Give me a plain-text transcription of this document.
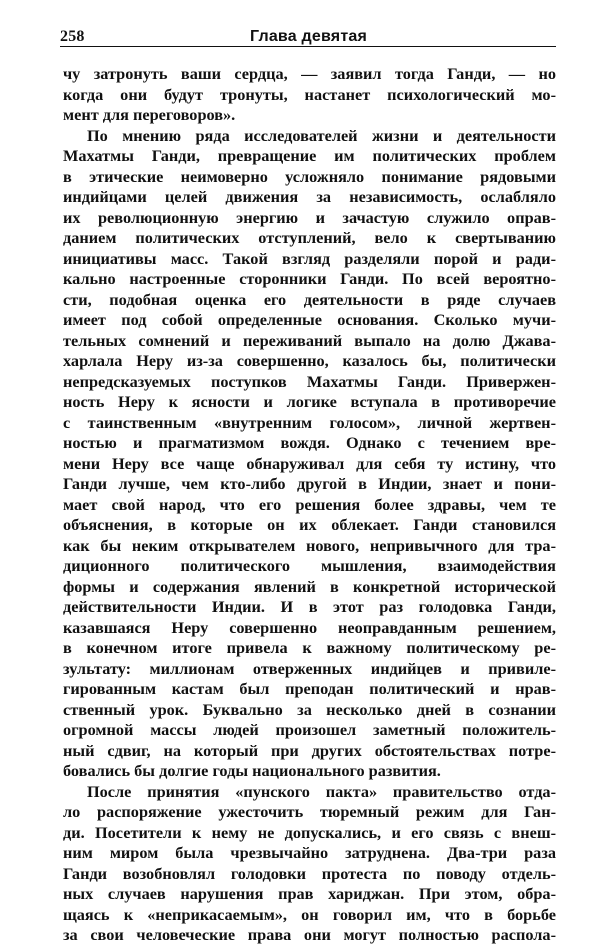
258	Глава девятая
чу затронуть ваши сердца, — заявил тогда Ганди, — но
когда они будут тронуты, настанет психологический мо-
мент для переговоров».
По мнению ряда исследователей жизни и деятельности
Махатмы Ганди, превращение им политических проблем
в этические неимоверно усложняло понимание рядовыми
индийцами целей движения за независимость, ослабляло
их революционную энергию и зачастую служило оправ-
данием политических отступлений, вело к свертыванию
инициативы масс. Такой взгляд разделяли порой и ради-
кально настроенные сторонники Ганди. По всей вероятно-
сти, подобная оценка его деятельности в ряде случаев
имеет под собой определенные основания. Сколько мучи-
тельных сомнений и переживаний выпало на долю Джава-
харлала Неру из-за совершенно, казалось бы, политически
непредсказуемых поступков Махатмы Ганди. Привержен-
ность Неру к ясности и логике вступала в противоречие
с таинственным «внутренним голосом», личной жертвен-
ностью и прагматизмом вождя. Однако с течением вре-
мени Неру все чаще обнаруживал для себя ту истину, что
Ганди лучше, чем кто-либо другой в Индии, знает и пони-
мает свой народ, что его решения более здравы, чем те
объяснения, в которые он их облекает. Ганди становился
как бы неким открывателем нового, непривычного для тра-
диционного политического мышления, взаимодействия
формы и содержания явлений в конкретной исторической
действительности Индии. И в этот раз голодовка Ганди,
казавшаяся Неру совершенно неоправданным решением,
в конечном итоге привела к важному политическому ре-
зультату: миллионам отверженных индийцев и привиле-
гированным кастам был преподан политический и нрав-
ственный урок. Буквально за несколько дней в сознании
огромной массы людей произошел заметный положитель-
ный сдвиг, на который при других обстоятельствах потре-
бовались бы долгие годы национального развития.
После принятия «пунского пакта» правительство отда-
ло распоряжение ужесточить тюремный режим для Ган-
ди. Посетители к нему не допускались, и его связь с внеш-
ним миром была чрезвычайно затруднена. Два-три раза
Ганди возобновлял голодовки протеста по поводу отдель-
ных случаев нарушения прав хариджан. При этом, обра-
щаясь к «неприкасаемым», он говорил им, что в борьбе
за свои человеческие права они могут полностью распола-
